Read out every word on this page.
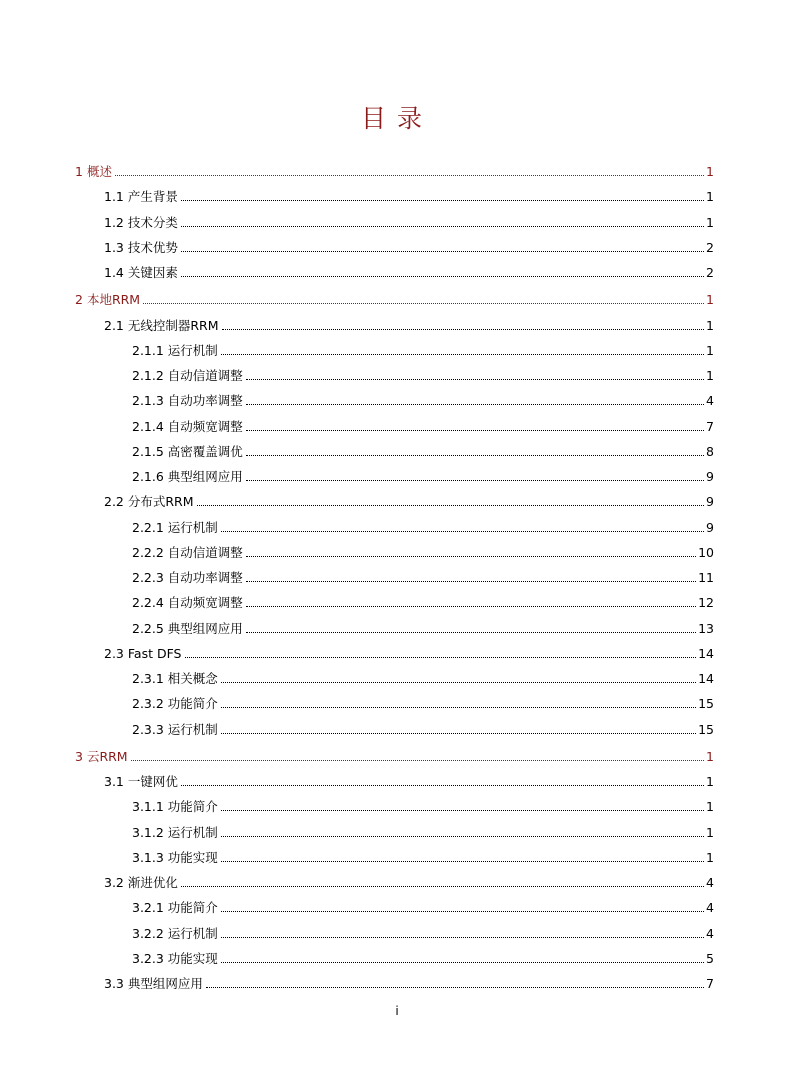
目录
1 概述	1
1.1 产生背景	1
1.2 技术分类	1
1.3 技术优势	2
1.4 关键因素	2
2 本地RRM	1
2.1 无线控制器RRM	1
2.1.1 运行机制	1
2.1.2 自动信道调整	1
2.1.3 自动功率调整	4
2.1.4 自动频宽调整	7
2.1.5 高密覆盖调优	8
2.1.6 典型组网应用	9
2.2 分布式RRM	9
2.2.1 运行机制	9
2.2.2 自动信道调整	10
2.2.3 自动功率调整	11
2.2.4 自动频宽调整	12
2.2.5 典型组网应用	13
2.3 Fast DFS	14
2.3.1 相关概念	14
2.3.2 功能简介	15
2.3.3 运行机制	15
3 云RRM	1
3.1 一键网优	1
3.1.1 功能简介	1
3.1.2 运行机制	1
3.1.3 功能实现	1
3.2 渐进优化	4
3.2.1 功能简介	4
3.2.2 运行机制	4
3.2.3 功能实现	5
3.3 典型组网应用	7
i
